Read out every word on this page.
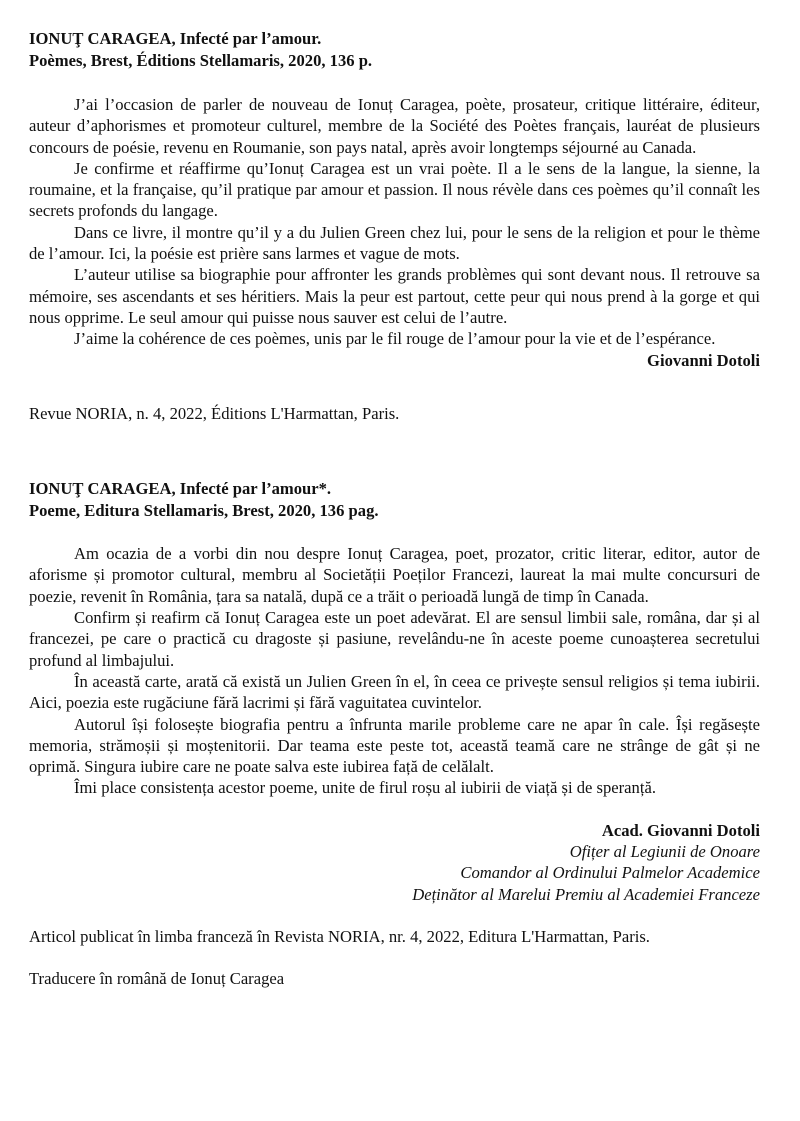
IONUŢ CARAGEA, Infecté par l’amour.

Poèmes, Brest, Éditions Stellamaris, 2020, 136 p.

J’ai l’occasion de parler de nouveau de Ionuț Caragea, poète, prosateur, critique littéraire, éditeur, auteur d’aphorismes et promoteur culturel, membre de la Société des Poètes français, lauréat de plusieurs concours de poésie, revenu en Roumanie, son pays natal, après avoir longtemps séjourné au Canada.

Je confirme et réaffirme qu’Ionuț Caragea est un vrai poète. Il a le sens de la langue, la sienne, la roumaine, et la française, qu’il pratique par amour et passion. Il nous révèle dans ces poèmes qu’il connaît les secrets profonds du langage.

Dans ce livre, il montre qu’il y a du Julien Green chez lui, pour le sens de la religion et pour le thème de l’amour. Ici, la poésie est prière sans larmes et vague de mots.

L’auteur utilise sa biographie pour affronter les grands problèmes qui sont devant nous. Il retrouve sa mémoire, ses ascendants et ses héritiers. Mais la peur est partout, cette peur qui nous prend à la gorge et qui nous opprime. Le seul amour qui puisse nous sauver est celui de l’autre.

J’aime la cohérence de ces poèmes, unis par le fil rouge de l’amour pour la vie et de l’espérance.

Giovanni Dotoli

Revue NORIA, n. 4, 2022, Éditions L'Harmattan, Paris.

IONUŢ CARAGEA, Infecté par l’amour*.

Poeme, Editura Stellamaris, Brest, 2020, 136 pag.

Am ocazia de a vorbi din nou despre Ionuț Caragea, poet, prozator, critic literar, editor, autor de aforisme și promotor cultural, membru al Societății Poeților Francezi, laureat la mai multe concursuri de poezie, revenit în România, țara sa natală, după ce a trăit o perioadă lungă de timp în Canada.

Confirm și reafirm că Ionuț Caragea este un poet adevărat. El are sensul limbii sale, româna, dar și al francezei, pe care o practică cu dragoste și pasiune, revelându-ne în aceste poeme cunoașterea secretului profund al limbajului.

În această carte, arată că există un Julien Green în el, în ceea ce privește sensul religios și tema iubirii. Aici, poezia este rugăciune fără lacrimi și fără vaguitatea cuvintelor.

Autorul își folosește biografia pentru a înfrunta marile probleme care ne apar în cale. Își regăsește memoria, strămoșii și moștenitorii. Dar teama este peste tot, această teamă care ne strânge de gât și ne oprimă. Singura iubire care ne poate salva este iubirea față de celălalt.

Îmi place consistența acestor poeme, unite de firul roșu al iubirii de viață și de speranță.

Acad. Giovanni Dotoli

Ofițer al Legiunii de Onoare

Comandor al Ordinului Palmelor Academice

Deținător al Marelui Premiu al Academiei Franceze

Articol publicat în limba franceză în Revista NORIA, nr. 4, 2022, Editura L'Harmattan, Paris.

Traducere în română de Ionuț Caragea
